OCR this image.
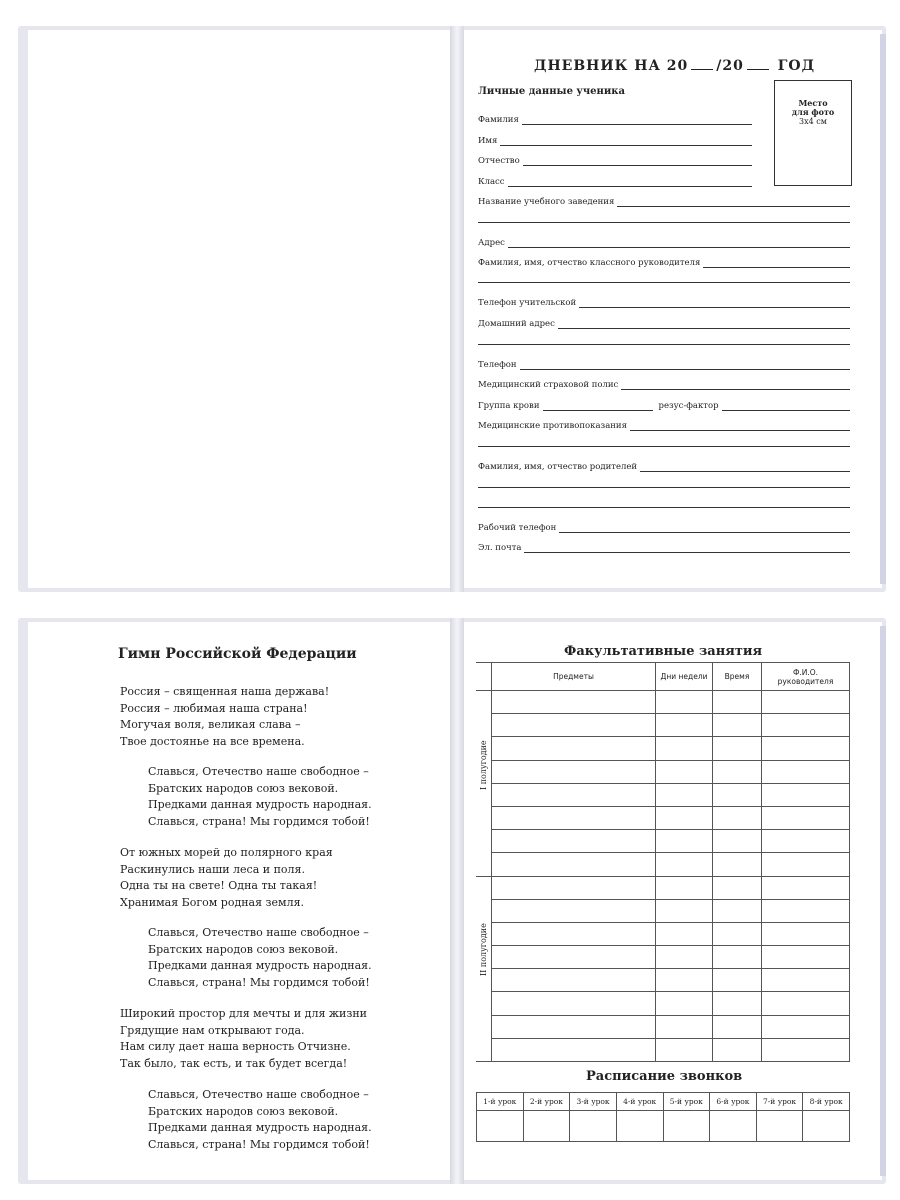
ДНЕВНИК НА 20 /20 ГОД
Личные данные ученика
Место
для фото
3x4 см
Фамилия
Имя
Отчество
Класс
Название учебного заведения
Адрес
Фамилия, имя, отчество классного руководителя
Телефон учительской
Домашний адрес
Телефон
Медицинский страховой полис
Группа крови	резус-фактор
Медицинские противопоказания
Фамилия, имя, отчество родителей
Рабочий телефон
Эл. почта
Гимн Российской Федерации
Россия – священная наша держава!
Россия – любимая наша страна!
Могучая воля, великая слава –
Твое достоянье на все времена.
Славься, Отечество наше свободное –
Братских народов союз вековой.
Предками данная мудрость народная.
Славься, страна! Мы гордимся тобой!
От южных морей до полярного края
Раскинулись наши леса и поля.
Одна ты на свете! Одна ты такая!
Хранимая Богом родная земля.
Славься, Отечество наше свободное –
Братских народов союз вековой.
Предками данная мудрость народная.
Славься, страна! Мы гордимся тобой!
Широкий простор для мечты и для жизни
Грядущие нам открывают года.
Нам силу дает наша верность Отчизне.
Так было, так есть, и так будет всегда!
Славься, Отечество наше свободное –
Братских народов союз вековой.
Предками данная мудрость народная.
Славься, страна! Мы гордимся тобой!
Факультативные занятия
	Предметы	Дни недели	Время	Ф.И.О.
руководителя

I полугодие				

II полугодие				

Расписание звонков
1-й урок	2-й урок	3-й урок	4-й урок	5-й урок	6-й урок	7-й урок	8-й урок
